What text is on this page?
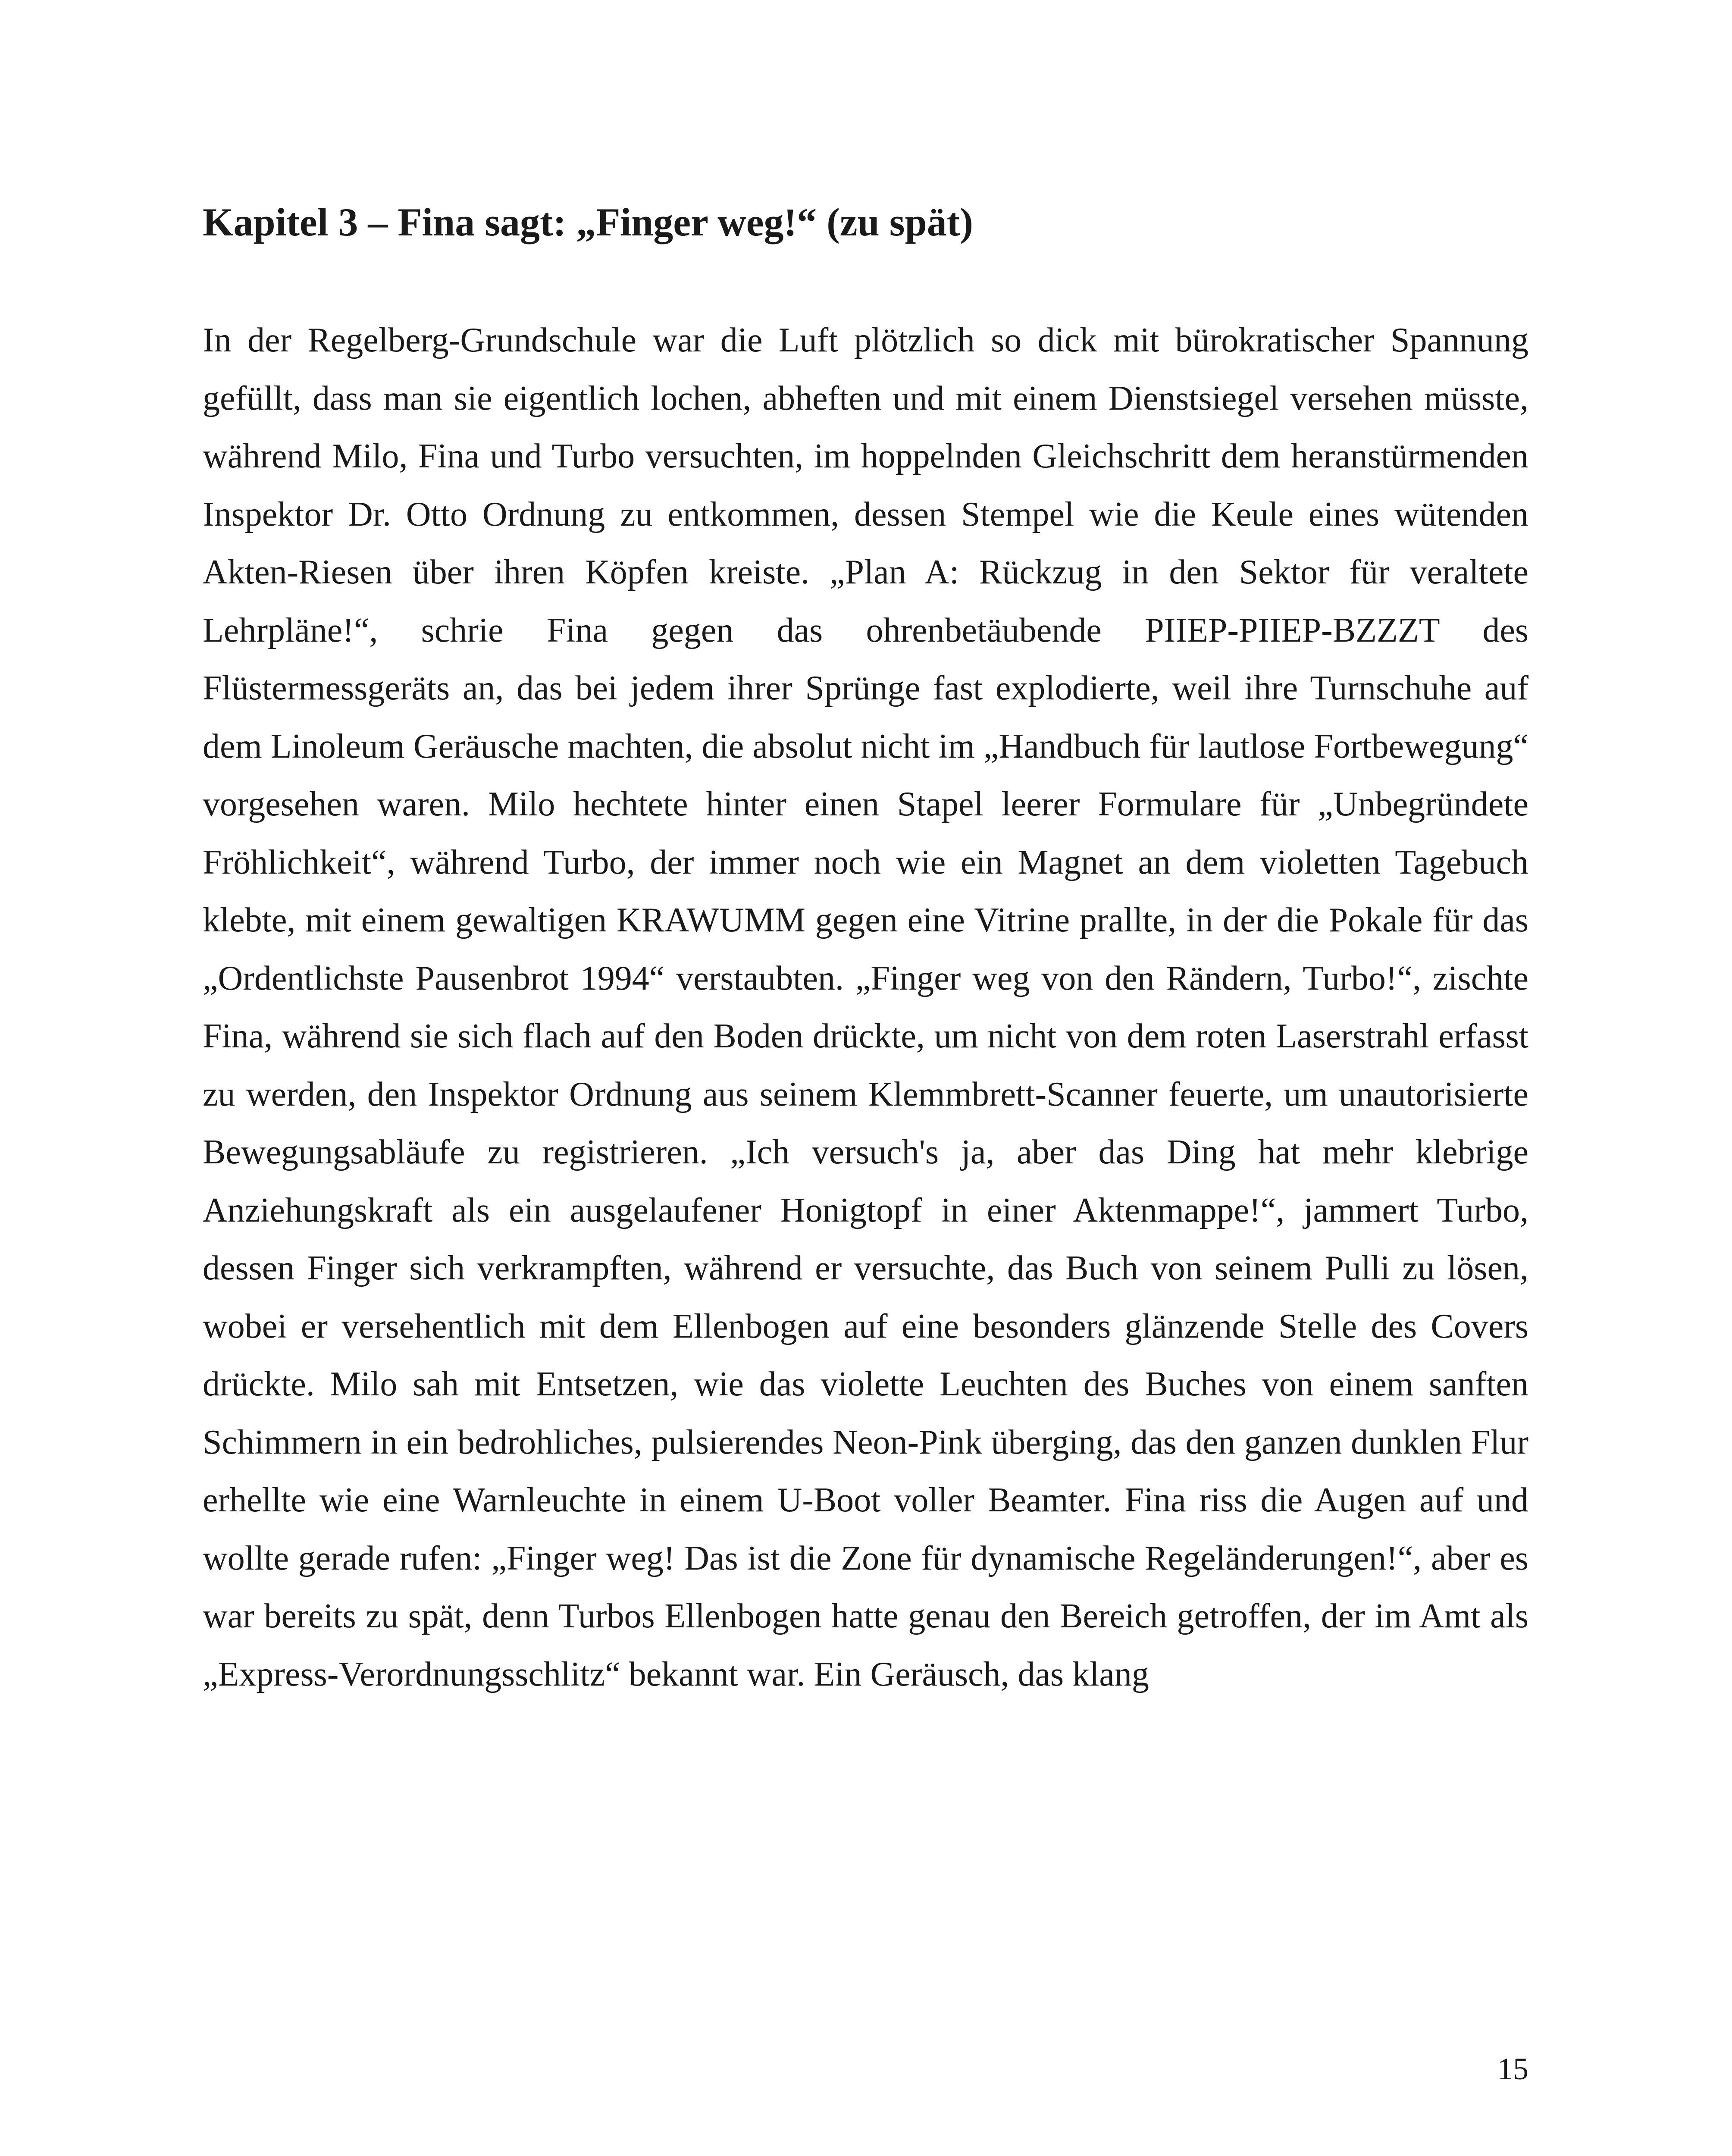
Kapitel 3 – Fina sagt: „Finger weg!“ (zu spät)

In der Regelberg-Grundschule war die Luft plötzlich so dick mit bürokratischer Spannung gefüllt, dass man sie eigentlich lochen, abheften und mit einem Dienstsiegel versehen müsste, während Milo, Fina und Turbo versuchten, im hoppelnden Gleichschritt dem heranstürmenden Inspektor Dr. Otto Ordnung zu entkommen, dessen Stempel wie die Keule eines wütenden Akten-Riesen über ihren Köpfen kreiste. „Plan A: Rückzug in den Sektor für veraltete Lehrpläne!“, schrie Fina gegen das ohrenbetäubende PIIEP-PIIEP-BZZZT des Flüstermessgeräts an, das bei jedem ihrer Sprünge fast explodierte, weil ihre Turnschuhe auf dem Linoleum Geräusche machten, die absolut nicht im „Handbuch für lautlose Fortbewegung“ vorgesehen waren. Milo hechtete hinter einen Stapel leerer Formulare für „Unbegründete Fröhlichkeit“, während Turbo, der immer noch wie ein Magnet an dem violetten Tagebuch klebte, mit einem gewaltigen KRAWUMM gegen eine Vitrine prallte, in der die Pokale für das „Ordentlichste Pausenbrot 1994“ verstaubten. „Finger weg von den Rändern, Turbo!“, zischte Fina, während sie sich flach auf den Boden drückte, um nicht von dem roten Laserstrahl erfasst zu werden, den Inspektor Ordnung aus seinem Klemmbrett-Scanner feuerte, um unautorisierte Bewegungsabläufe zu registrieren. „Ich versuch's ja, aber das Ding hat mehr klebrige Anziehungskraft als ein ausgelaufener Honigtopf in einer Aktenmappe!“, jammert Turbo, dessen Finger sich verkrampften, während er versuchte, das Buch von seinem Pulli zu lösen, wobei er versehentlich mit dem Ellenbogen auf eine besonders glänzende Stelle des Covers drückte. Milo sah mit Entsetzen, wie das violette Leuchten des Buches von einem sanften Schimmern in ein bedrohliches, pulsierendes Neon-Pink überging, das den ganzen dunklen Flur erhellte wie eine Warnleuchte in einem U-Boot voller Beamter. Fina riss die Augen auf und wollte gerade rufen: „Finger weg! Das ist die Zone für dynamische Regeländerungen!“, aber es war bereits zu spät, denn Turbos Ellenbogen hatte genau den Bereich getroffen, der im Amt als „Express-Verordnungsschlitz“ bekannt war. Ein Geräusch, das klang

15
